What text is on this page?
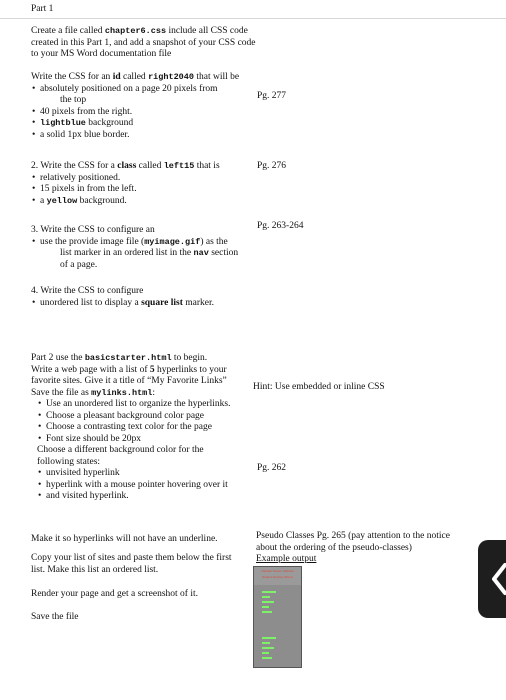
Part 1
Create a file called chapter6.css include all CSS code created in this Part 1, and add a snapshot of your CSS code to your MS Word documentation file
Write the CSS for an id called right2040 that will be
• absolutely positioned on a page 20 pixels from
the top
• 40 pixels from the right.
• lightblue background
• a solid 1px blue border.
Pg. 277
2. Write the CSS for a class called left15 that is
• relatively positioned.
• 15 pixels in from the left.
• a yellow background.
Pg. 276
3. Write the CSS to configure an
• use the provide image file (myimage.gif) as the
list marker in an ordered list in the nav section
of a page.
Pg. 263-264
4. Write the CSS to configure
• unordered list to display a square list marker.
Part 2 use the basicstarter.html to begin.
Write a web page with a list of 5 hyperlinks to your
favorite sites. Give it a title of “My Favorite Links”
Save the file as mylinks.html:
• Use an unordered list to organize the hyperlinks.
• Choose a pleasant background color page
• Choose a contrasting text color for the page
• Font size should be 20px
Choose a different background color for the
following states:
• unvisited hyperlink
• hyperlink with a mouse pointer hovering over it
• and visited hyperlink.
Hint: Use embedded or inline CSS
Pg. 262
Make it so hyperlinks will not have an underline.	Pseudo Classes Pg. 265 (pay attention to the notice
about the ordering of the pseudo-classes)
Example output
Copy your list of sites and paste them below the first
list. Make this list an ordered list.
Render your page and get a screenshot of it.
Save the file
Michael Tecson Website
Student Section 201.xx
